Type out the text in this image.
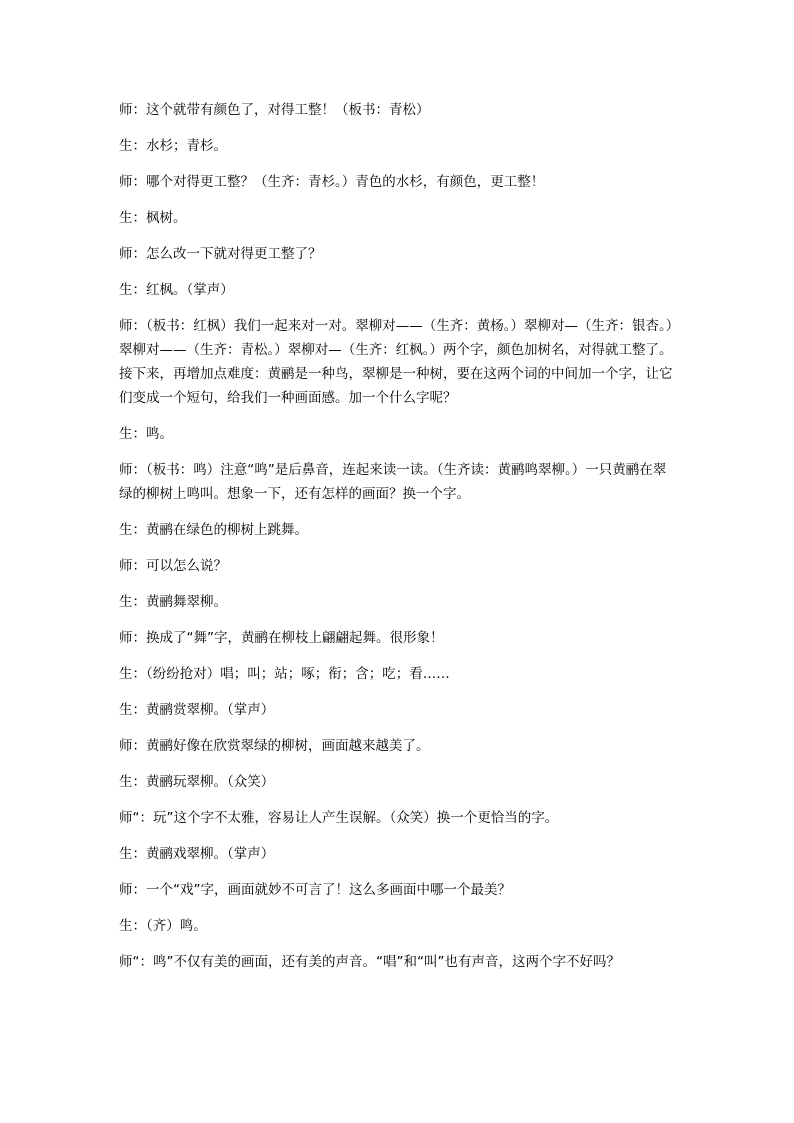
师：这个就带有颜色了，对得工整！（板书：青松）

生：水杉；青杉。

师：哪个对得更工整？（生齐：青杉。）青色的水杉，有颜色，更工整！

生：枫树。

师：怎么改一下就对得更工整了？

生：红枫。（掌声）

师：（板书：红枫）我们一起来对一对。翠柳对——（生齐：黄杨。）翠柳对—（生齐：银杏。）翠柳对——（生齐：青松。）翠柳对—（生齐：红枫。）两个字，颜色加树名，对得就工整了。接下来，再增加点难度：黄鹂是一种鸟，翠柳是一种树，要在这两个词的中间加一个字，让它们变成一个短句，给我们一种画面感。加一个什么字呢？

生：鸣。

师：（板书：鸣）注意“鸣”是后鼻音，连起来读一读。（生齐读：黄鹂鸣翠柳。）一只黄鹂在翠绿的柳树上鸣叫。想象一下，还有怎样的画面？换一个字。

生：黄鹂在绿色的柳树上跳舞。

师：可以怎么说？

生：黄鹂舞翠柳。

师：换成了“舞”字，黄鹂在柳枝上翩翩起舞。很形象！

生：（纷纷抢对）唱；叫；站；啄；衔；含；吃；看……

生：黄鹂赏翠柳。（掌声）

师：黄鹂好像在欣赏翠绿的柳树，画面越来越美了。

生：黄鹂玩翠柳。（众笑）

师“：玩”这个字不太雅，容易让人产生误解。（众笑）换一个更恰当的字。

生：黄鹂戏翠柳。（掌声）

师：一个“戏”字，画面就妙不可言了！这么多画面中哪一个最美？

生：（齐）鸣。

师“：鸣”不仅有美的画面，还有美的声音。“唱”和“叫”也有声音，这两个字不好吗？
